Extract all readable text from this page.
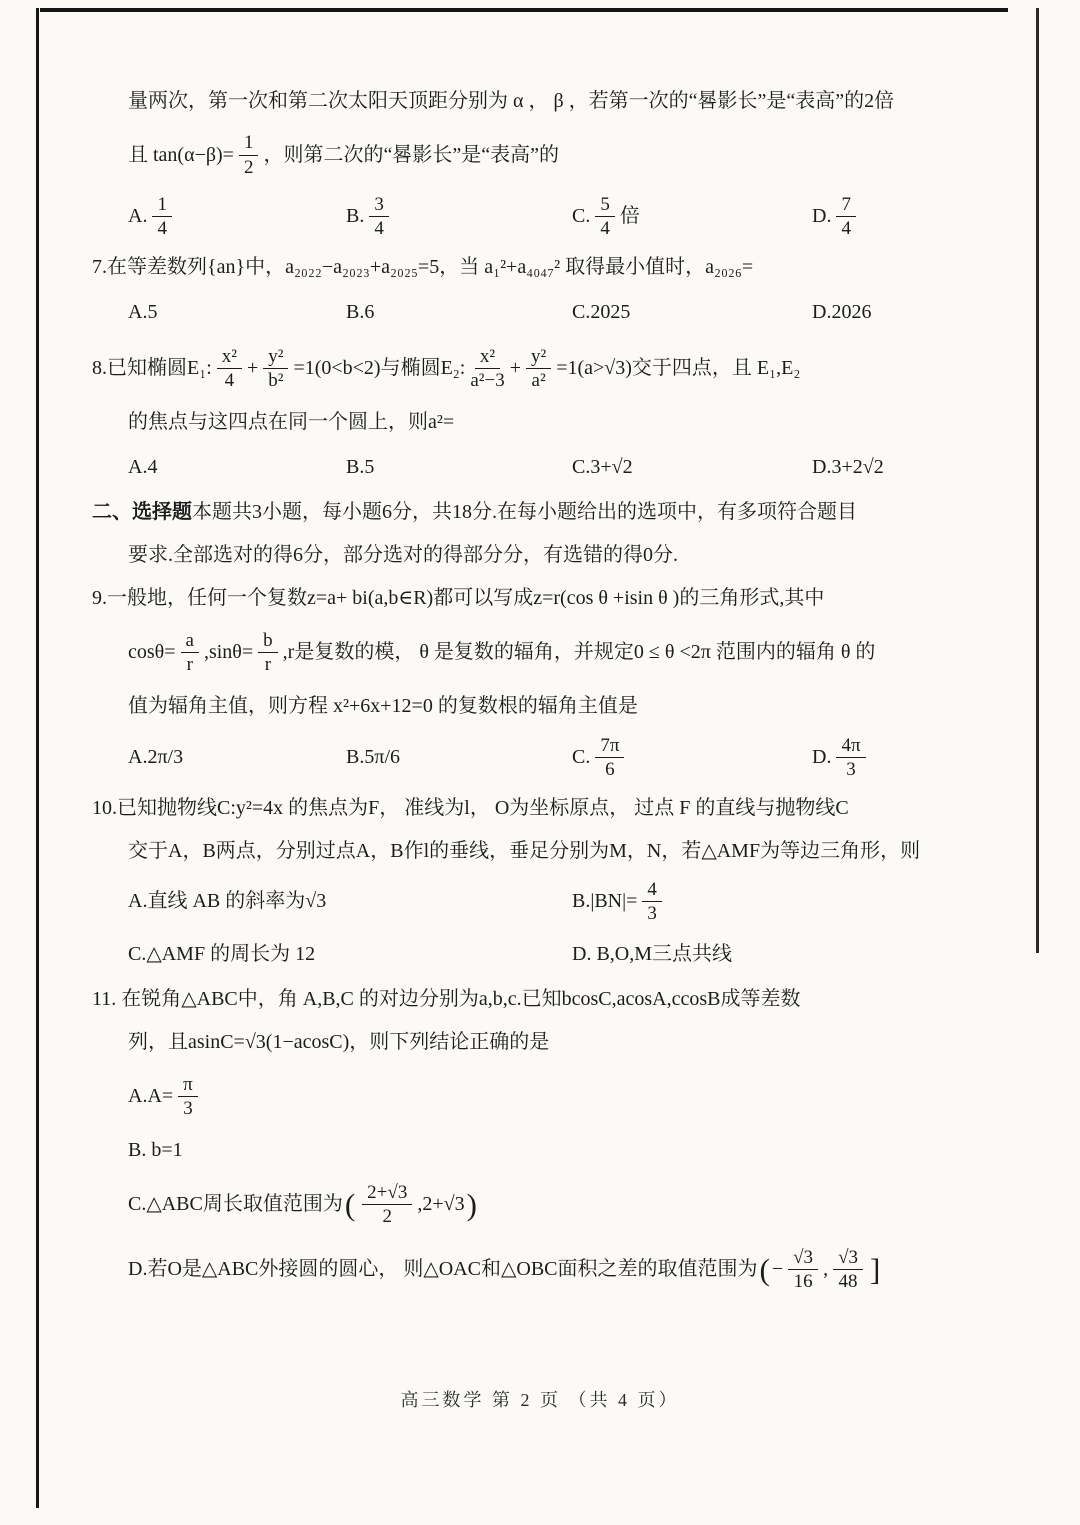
量两次，第一次和第二次太阳天顶距分别为 α ， β ，若第一次的“晷影长”是“表高”的2倍
且 $\tan(\alpha-\beta)= \frac{1}{2}$ ，则第二次的“晷影长”是“表高”的
A. $\frac{1}{4}$	B. $\frac{3}{4}$	C. $\frac{5}{4}$ 倍	D. $\frac{7}{4}$
7.在等差数列{an}中，a₂₀₂₂−a₂₀₂₃+a₂₀₂₅=5，当 a₁²+a₄₀₄₇² 取得最小值时，a₂₀₂₆=
A.5	B.6	C.2025	D.2026
8.已知椭圆E₁: $\frac{\text{x²}}{4} + \frac{\text{y²}}{\text{b²}} =1(0<b<2)$与椭圆E₂: $\frac{\text{x²}}{\text{a²−3}} + \frac{\text{y²}}{\text{a²}} =1(a>√3)$交于四点，且 E₁,E₂
的焦点与这四点在同一个圆上，则a²=
A.4	B.5	C.3+√2	D.3+2√2
二、选择题 本题共3小题，每小题6分，共18分.在每小题给出的选项中，有多项符合题目
要求.全部选对的得6分，部分选对的得部分分，有选错的得0分.
9.一般地，任何一个复数z=a+ bi(a,b∈R)都可以写成z=r(cos θ +isin θ )的三角形式,其中
$\cos\theta= \frac{a}{r} ,\sin\theta= \frac{b}{r} ,r$是复数的模， θ 是复数的辐角，并规定0 ≤ θ <2π 范围内的辐角 θ 的
值为辐角主值，则方程 x²+6x+12=0 的复数根的辐角主值是
A.2π/3	B.5π/6	C. $\frac{7\pi}{6}$	D. $\frac{4\pi}{3}$
10.已知抛物线C:y²=4x 的焦点为F， 准线为l， O为坐标原点， 过点 F 的直线与抛物线C
交于A，B两点，分别过点A，B作l的垂线，垂足分别为M，N，若△AMF为等边三角形，则
A.直线 AB 的斜率为√3	$B.|BN|= \frac{4}{3}$
C.△AMF 的周长为 12	D. B,O,M三点共线
11. 在锐角△ABC中，角 A,B,C 的对边分别为a,b,c.已知bcosC,acosA,ccosB成等差数
列，且asinC=√3(1−acosC)，则下列结论正确的是
$A.A= \frac{\pi}{3}$
B. b=1
C.△ABC周长取值范围为 ( $\frac{2+√3}{2} ,2+√3$ )
D.若O是△ABC外接圆的圆心， 则△OAC和△OBC面积之差的取值范围为 ( − $\frac{√3}{16}$ , $\frac{√3}{48}$ ]
高三数学 第 2 页 （共 4 页）
